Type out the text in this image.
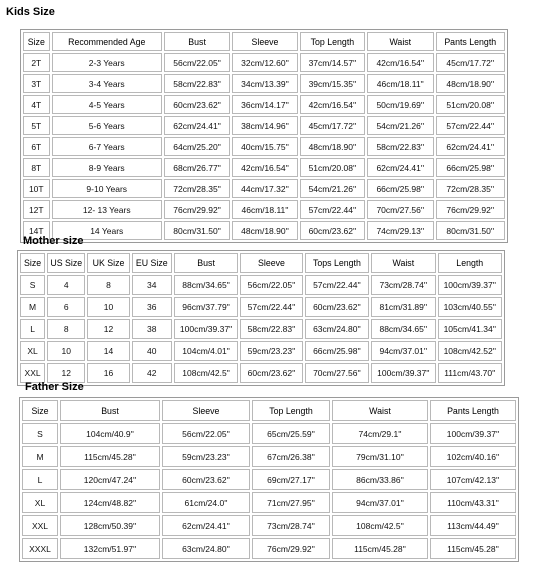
Kids Size
Size	Recommended Age	Bust	Sleeve	Top Length	Waist	Pants Length
2T	2-3 Years	56cm/22.05''	32cm/12.60''	37cm/14.57''	42cm/16.54''	45cm/17.72''
3T	3-4 Years	58cm/22.83''	34cm/13.39''	39cm/15.35''	46cm/18.11''	48cm/18.90''
4T	4-5 Years	60cm/23.62''	36cm/14.17''	42cm/16.54''	50cm/19.69''	51cm/20.08''
5T	5-6 Years	62cm/24.41''	38cm/14.96''	45cm/17.72''	54cm/21.26''	57cm/22.44''
6T	6-7 Years	64cm/25.20''	40cm/15.75''	48cm/18.90''	58cm/22.83''	62cm/24.41''
8T	8-9 Years	68cm/26.77''	42cm/16.54''	51cm/20.08''	62cm/24.41''	66cm/25.98''
10T	9-10 Years	72cm/28.35''	44cm/17.32''	54cm/21.26''	66cm/25.98''	72cm/28.35''
12T	12- 13 Years	76cm/29.92''	46cm/18.11''	57cm/22.44''	70cm/27.56''	76cm/29.92''
14T	14 Years	80cm/31.50''	48cm/18.90''	60cm/23.62''	74cm/29.13''	80cm/31.50''
Mother size
Size	US Size	UK Size	EU Size	Bust	Sleeve	Tops Length	Waist	Length
S	4	8	34	88cm/34.65''	56cm/22.05''	57cm/22.44''	73cm/28.74''	100cm/39.37''
M	6	10	36	96cm/37.79''	57cm/22.44''	60cm/23.62''	81cm/31.89''	103cm/40.55''
L	8	12	38	100cm/39.37''	58cm/22.83''	63cm/24.80''	88cm/34.65''	105cm/41.34''
XL	10	14	40	104cm/4.01''	59cm/23.23''	66cm/25.98''	94cm/37.01''	108cm/42.52''
XXL	12	16	42	108cm/42.5''	60cm/23.62''	70cm/27.56''	100cm/39.37''	111cm/43.70''
Father Size
Size	Bust	Sleeve	Top Length	Waist	Pants Length
S	104cm/40.9''	56cm/22.05''	65cm/25.59''	74cm/29.1''	100cm/39.37''
M	115cm/45.28''	59cm/23.23''	67cm/26.38''	79cm/31.10''	102cm/40.16''
L	120cm/47.24''	60cm/23.62''	69cm/27.17''	86cm/33.86''	107cm/42.13''
XL	124cm/48.82''	61cm/24.0''	71cm/27.95''	94cm/37.01''	110cm/43.31''
XXL	128cm/50.39''	62cm/24.41''	73cm/28.74''	108cm/42.5''	113cm/44.49''
XXXL	132cm/51.97''	63cm/24.80''	76cm/29.92''	115cm/45.28''	115cm/45.28''
